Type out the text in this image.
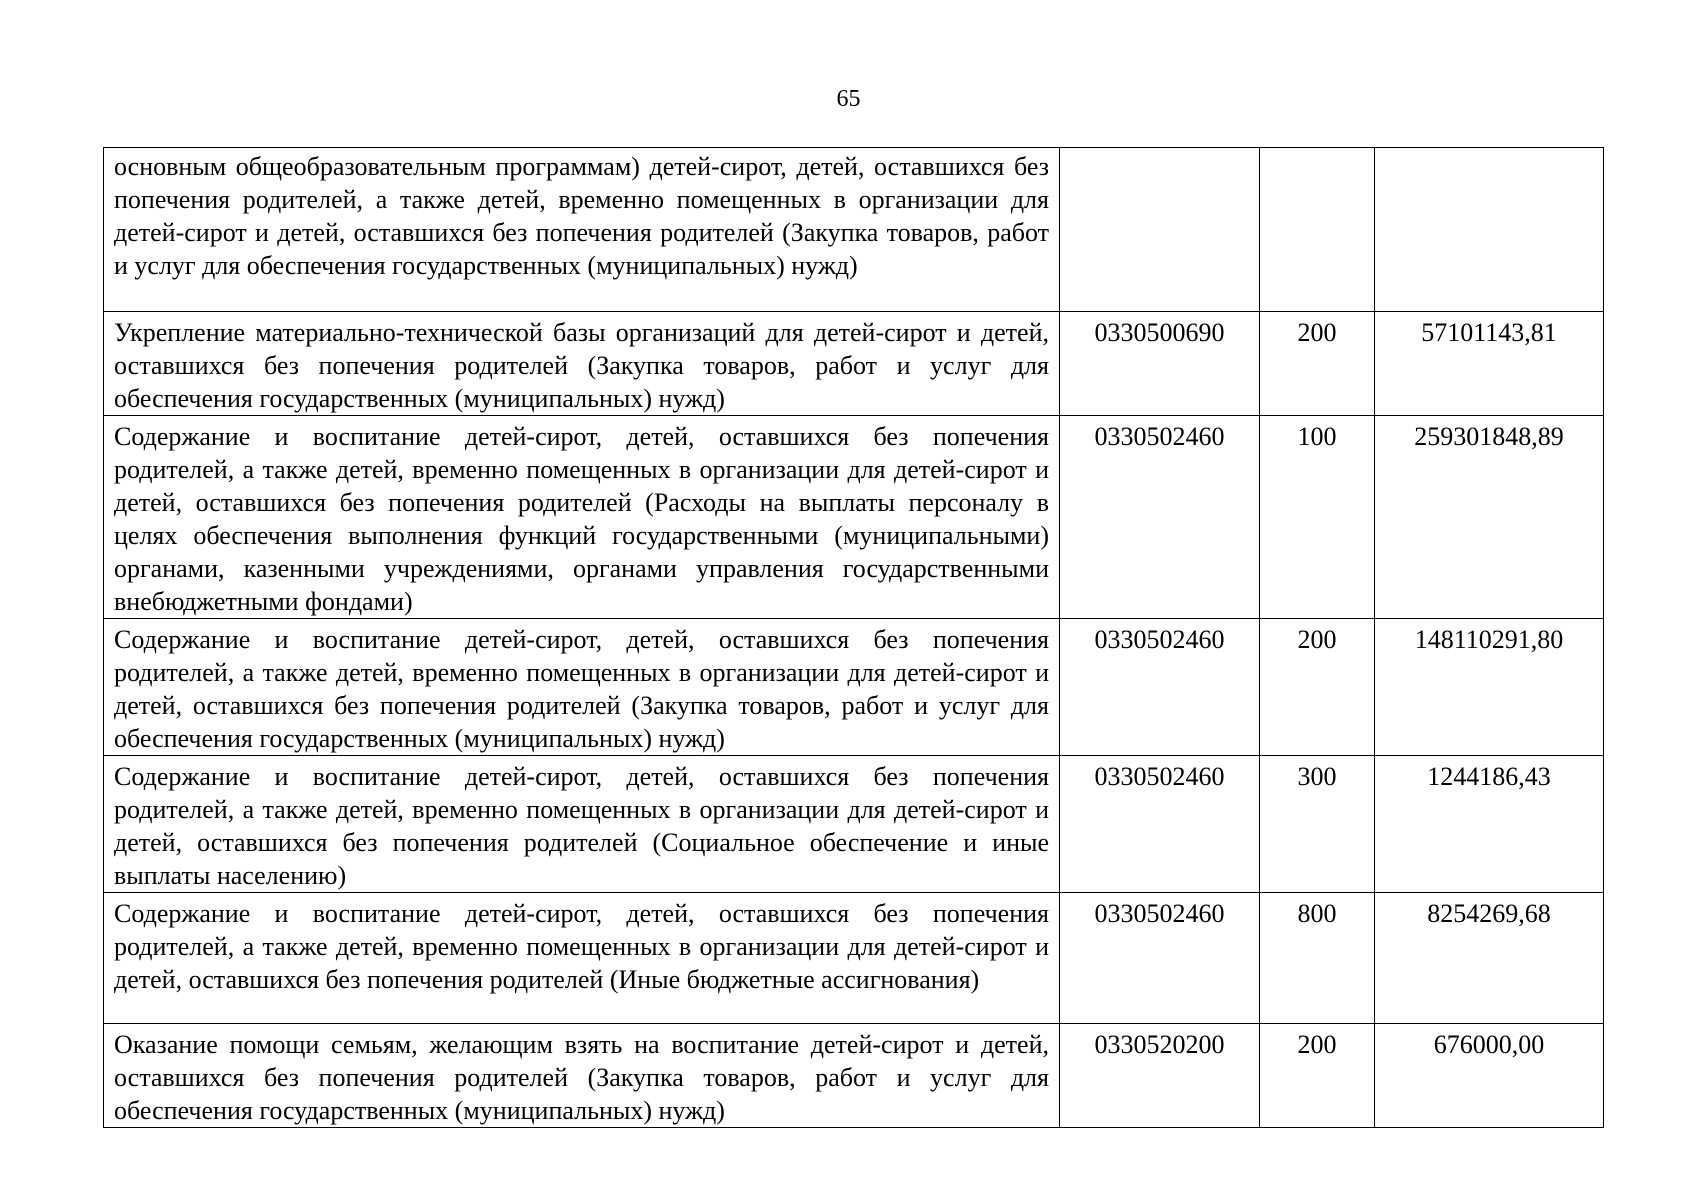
65
основным общеобразовательным программам) детей-сирот, детей, оставшихся без попечения родителей, а также детей, временно помещенных в организации для детей-сирот и детей, оставшихся без попечения родителей (Закупка товаров, работ и услуг для обеспечения государственных (муниципальных) нужд)			
Укрепление материально-технической базы организаций для детей-сирот и детей, оставшихся без попечения родителей (Закупка товаров, работ и услуг для обеспечения государственных (муниципальных) нужд)	0330500690	200	57101143,81
Содержание и воспитание детей-сирот, детей, оставшихся без попечения родителей, а также детей, временно помещенных в организации для детей-сирот и детей, оставшихся без попечения родителей (Расходы на выплаты персоналу в целях обеспечения выполнения функций государственными (муниципальными) органами, казенными учреждениями, органами управления государственными внебюджетными фондами)	0330502460	100	259301848,89
Содержание и воспитание детей-сирот, детей, оставшихся без попечения родителей, а также детей, временно помещенных в организации для детей-сирот и детей, оставшихся без попечения родителей (Закупка товаров, работ и услуг для обеспечения государственных (муниципальных) нужд)	0330502460	200	148110291,80
Содержание и воспитание детей-сирот, детей, оставшихся без попечения родителей, а также детей, временно помещенных в организации для детей-сирот и детей, оставшихся без попечения родителей (Социальное обеспечение и иные выплаты населению)	0330502460	300	1244186,43
Содержание и воспитание детей-сирот, детей, оставшихся без попечения родителей, а также детей, временно помещенных в организации для детей-сирот и детей, оставшихся без попечения родителей (Иные бюджетные ассигнования)	0330502460	800	8254269,68
Оказание помощи семьям, желающим взять на воспитание детей-сирот и детей, оставшихся без попечения родителей (Закупка товаров, работ и услуг для обеспечения государственных (муниципальных) нужд)	0330520200	200	676000,00
